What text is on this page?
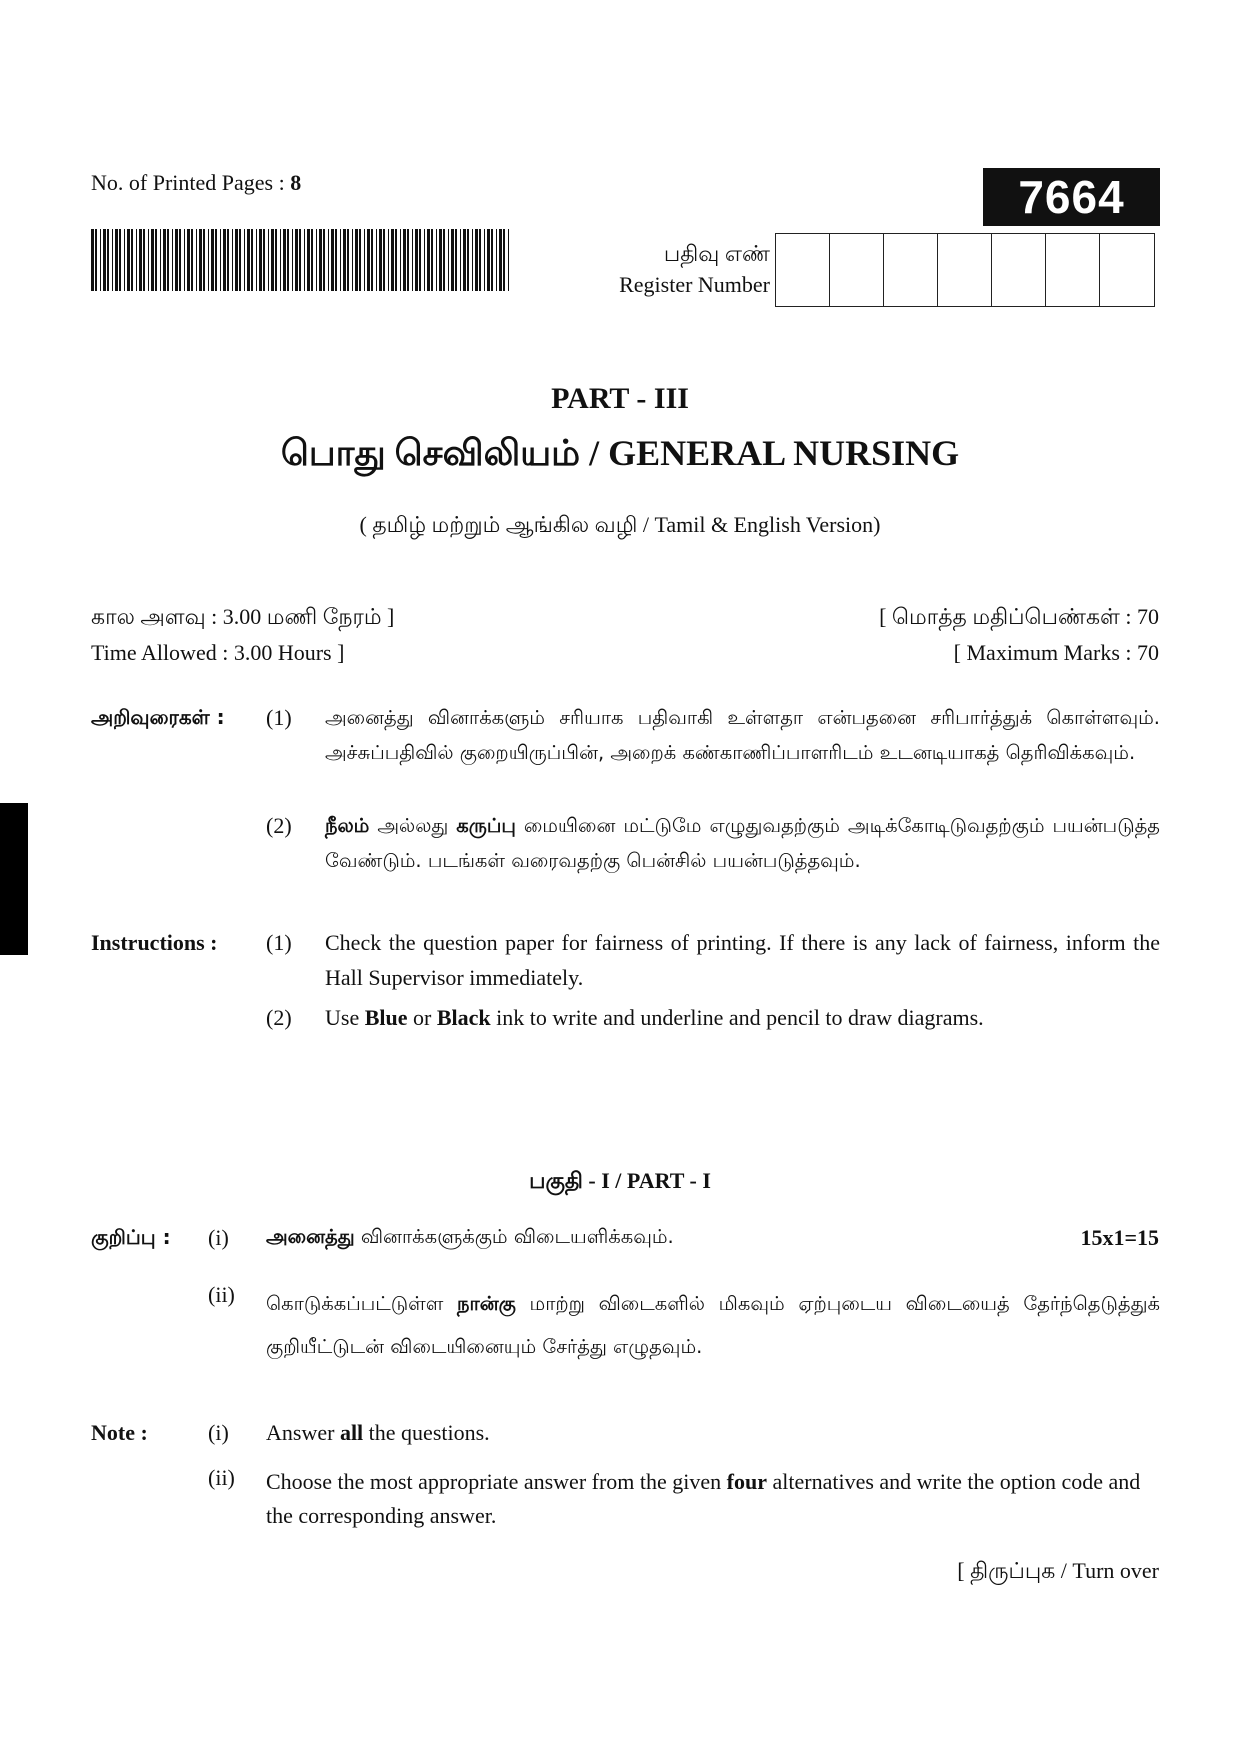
No. of Printed Pages : 8	7664
பதிவு எண்
Register Number
PART - III
பொது செவிலியம் / GENERAL NURSING
( தமிழ் மற்றும் ஆங்கில வழி / Tamil & English Version)
கால அளவு : 3.00 மணி நேரம் ]
Time Allowed : 3.00 Hours ]
[ மொத்த மதிப்பெண்கள் : 70
[ Maximum Marks : 70
அறிவுரைகள் : (1)	அனைத்து வினாக்களும் சரியாக பதிவாகி உள்ளதா என்பதனை சரிபார்த்துக் கொள்ளவும். அச்சுப்பதிவில் குறையிருப்பின், அறைக் கண்காணிப்பாளரிடம் உடனடியாகத் தெரிவிக்கவும்.
(2)	நீலம் அல்லது கருப்பு மையினை மட்டுமே எழுதுவதற்கும் அடிக்கோடிடுவதற்கும் பயன்படுத்த வேண்டும். படங்கள் வரைவதற்கு பென்சில் பயன்படுத்தவும்.
Instructions : (1)	Check the question paper for fairness of printing. If there is any lack of fairness, inform the Hall Supervisor immediately.
(2)	Use Blue or Black ink to write and underline and pencil to draw diagrams.
பகுதி - I / PART - I
குறிப்பு : (i)	அனைத்து வினாக்களுக்கும் விடையளிக்கவும்.
(ii)	கொடுக்கப்பட்டுள்ள நான்கு மாற்று விடைகளில் மிகவும் ஏற்புடைய விடையைத் தேர்ந்தெடுத்துக் குறியீட்டுடன் விடையினையும் சேர்த்து எழுதவும்.
15x1=15
Note :	(i)	Answer all the questions.
(ii)	Choose the most appropriate answer from the given four alternatives and write the option code and the corresponding answer.
[ திருப்புக / Turn over
